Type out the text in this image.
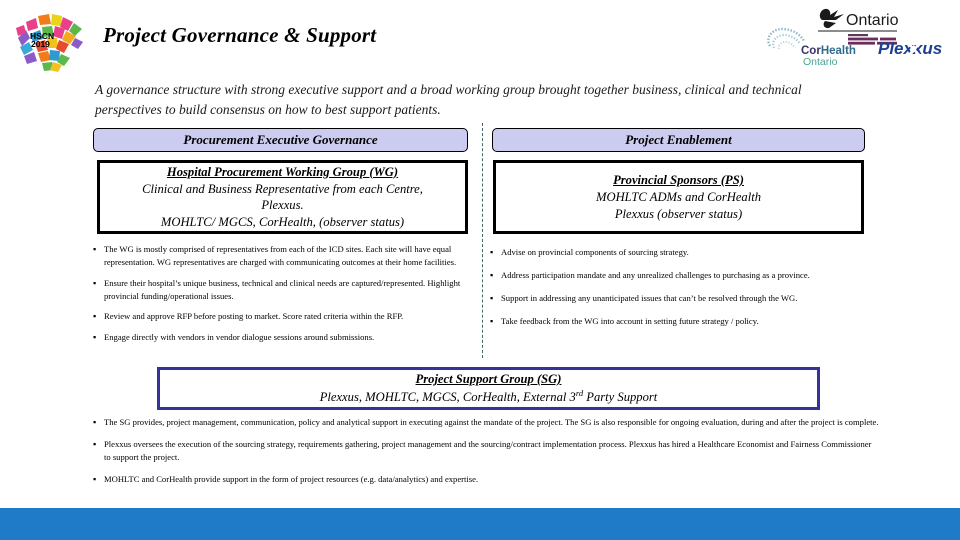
HSCN
2019
Ontario
CorHealth
Ontario
Plexxus
Project Governance & Support
A governance structure with strong executive support and a broad working group brought together business, clinical and technical perspectives to build consensus on how to best support patients.
Procurement Executive Governance	Project Enablement
Hospital Procurement Working Group (WG)
Clinical and Business Representative from each Centre,
Plexxus.
MOHLTC/ MGCS, CorHealth, (observer status)
Provincial Sponsors (PS)
MOHLTC ADMs and CorHealth
Plexxus (observer status)
▪ The WG is mostly comprised of representatives from each of the ICD sites. Each site will have equal representation. WG representatives are charged with communicating outcomes at their home facilities.
▪ Ensure their hospital’s unique business, technical and clinical needs are captured/represented. Highlight provincial funding/operational issues.
▪ Review and approve RFP before posting to market. Score rated criteria within the RFP.
▪ Engage directly with vendors in vendor dialogue sessions around submissions.
▪ Advise on provincial components of sourcing strategy.
▪ Address participation mandate and any unrealized challenges to purchasing as a province.
▪ Support in addressing any unanticipated issues that can’t be resolved through the WG.
▪ Take feedback from the WG into account in setting future strategy / policy.
Project Support Group (SG)
Plexxus, MOHLTC, MGCS, CorHealth, External 3rd Party Support
▪ The SG provides, project management, communication, policy and analytical support in executing against the mandate of the project. The SG is also responsible for ongoing evaluation, during and after the project is complete.
▪ Plexxus oversees the execution of the sourcing strategy, requirements gathering, project management and the sourcing/contract implementation process. Plexxus has hired a Healthcare Economist and Fairness Commissioner to support the project.
▪ MOHLTC and CorHealth provide support in the form of project resources (e.g. data/analytics) and expertise.
